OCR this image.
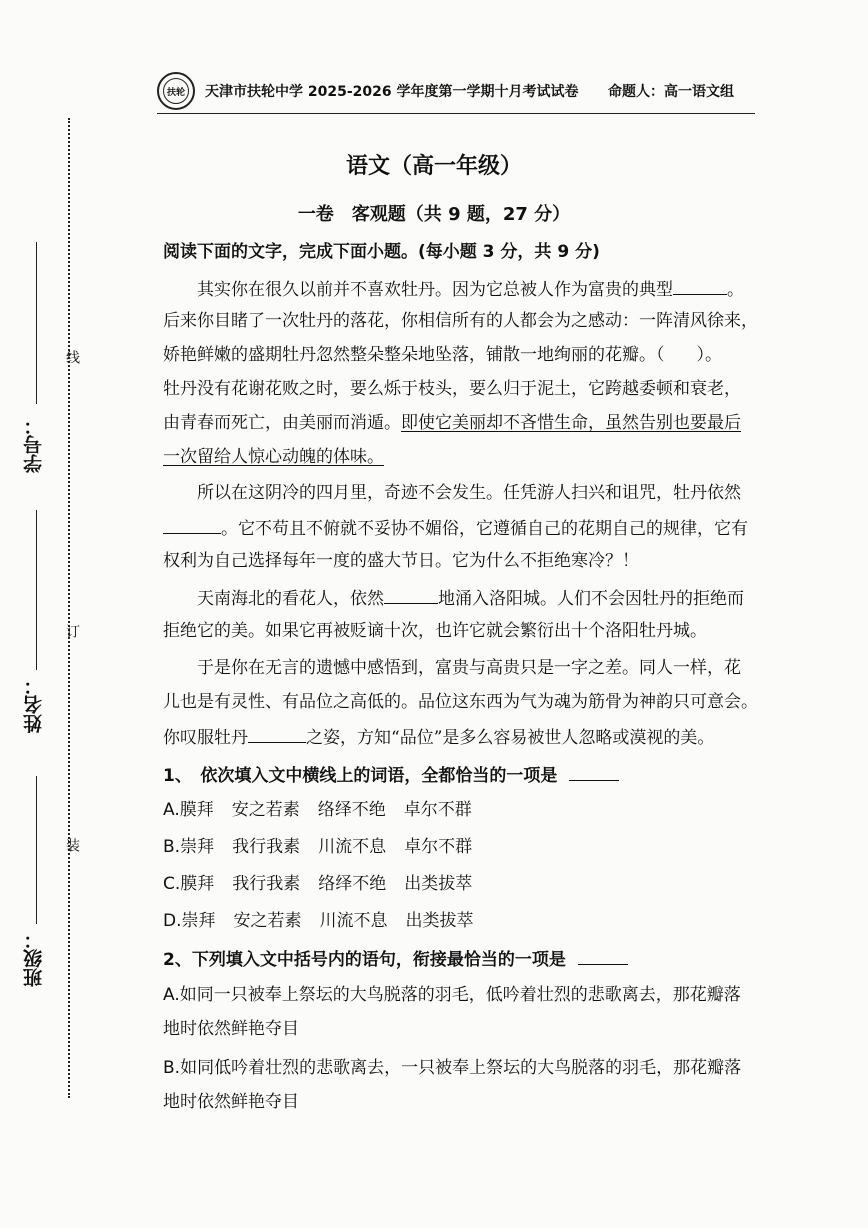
线
订
装
学号：
姓名：
班级：
扶轮 天津市扶轮中学 2025-2026 学年度第一学期十月考试试卷 命题人：高一语文组
语文（高一年级）
一卷　客观题（共 9 题，27 分）
阅读下面的文字，完成下面小题。(每小题 3 分，共 9 分)
其实你在很久以前并不喜欢牡丹。因为它总被人作为富贵的典型	。
后来你目睹了一次牡丹的落花，你相信所有的人都会为之感动：一阵清风徐来，
娇艳鲜嫩的盛期牡丹忽然整朵整朵地坠落，铺散一地绚丽的花瓣。（ ）。
牡丹没有花谢花败之时，要么烁于枝头，要么归于泥土，它跨越委顿和衰老，
由青春而死亡，由美丽而消遁。即使它美丽却不吝惜生命，虽然告别也要最后
一次留给人惊心动魄的体味。
所以在这阴冷的四月里，奇迹不会发生。任凭游人扫兴和诅咒，牡丹依然
。它不苟且不俯就不妥协不媚俗，它遵循自己的花期自己的规律，它有
权利为自己选择每年一度的盛大节日。它为什么不拒绝寒冷？！
天南海北的看花人，依然	地涌入洛阳城。人们不会因牡丹的拒绝而
拒绝它的美。如果它再被贬谪十次，也许它就会繁衍出十个洛阳牡丹城。
于是你在无言的遗憾中感悟到，富贵与高贵只是一字之差。同人一样，花
儿也是有灵性、有品位之高低的。品位这东西为气为魂为筋骨为神韵只可意会。
你叹服牡丹	之姿，方知“品位”是多么容易被世人忽略或漠视的美。
1、　依次填入文中横线上的词语，全都恰当的一项是
A.膜拜 安之若素 络绎不绝 卓尔不群
B.崇拜 我行我素 川流不息 卓尔不群
C.膜拜 我行我素 络绎不绝 出类拔萃
D.崇拜 安之若素 川流不息 出类拔萃
2、下列填入文中括号内的语句，衔接最恰当的一项是
A.如同一只被奉上祭坛的大鸟脱落的羽毛，低吟着壮烈的悲歌离去，那花瓣落
地时依然鲜艳夺目
B.如同低吟着壮烈的悲歌离去，一只被奉上祭坛的大鸟脱落的羽毛，那花瓣落
地时依然鲜艳夺目
